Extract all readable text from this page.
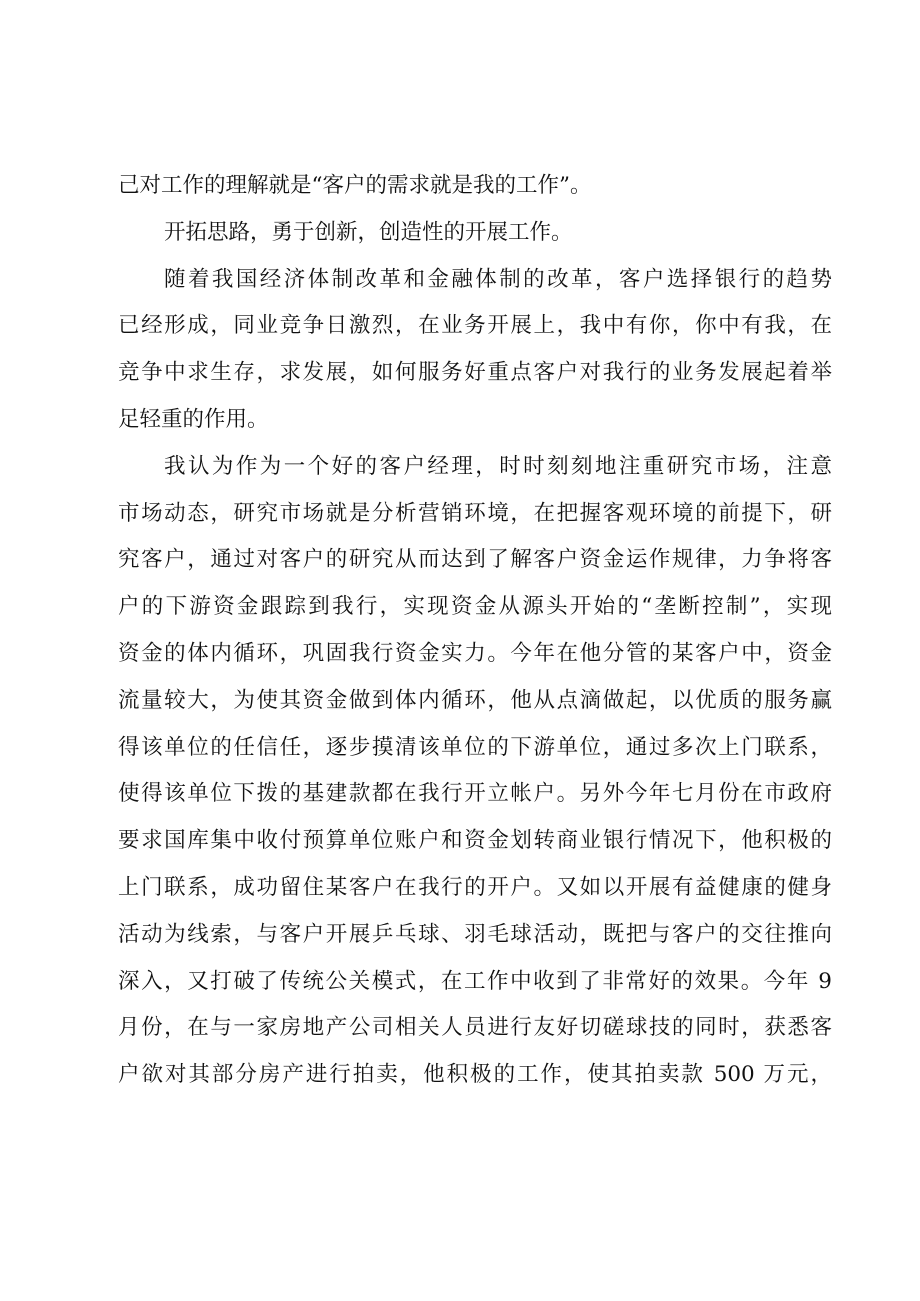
己对工作的理解就是“客户的需求就是我的工作”。
开拓思路，勇于创新，创造性的开展工作。
随着我国经济体制改革和金融体制的改革，客户选择银行的趋势
已经形成，同业竞争日激烈，在业务开展上，我中有你，你中有我，在
竞争中求生存，求发展，如何服务好重点客户对我行的业务发展起着举
足轻重的作用。
我认为作为一个好的客户经理，时时刻刻地注重研究市场，注意
市场动态，研究市场就是分析营销环境，在把握客观环境的前提下，研
究客户，通过对客户的研究从而达到了解客户资金运作规律，力争将客
户的下游资金跟踪到我行，实现资金从源头开始的“垄断控制”，实现
资金的体内循环，巩固我行资金实力。今年在他分管的某客户中，资金
流量较大，为使其资金做到体内循环，他从点滴做起，以优质的服务赢
得该单位的任信任，逐步摸清该单位的下游单位，通过多次上门联系，
使得该单位下拨的基建款都在我行开立帐户。另外今年七月份在市政府
要求国库集中收付预算单位账户和资金划转商业银行情况下，他积极的
上门联系，成功留住某客户在我行的开户。又如以开展有益健康的健身
活动为线索，与客户开展乒乓球、羽毛球活动，既把与客户的交往推向
深入，又打破了传统公关模式，在工作中收到了非常好的效果。今年 9
月份，在与一家房地产公司相关人员进行友好切磋球技的同时，获悉客
户欲对其部分房产进行拍卖，他积极的工作，使其拍卖款 500 万元，
